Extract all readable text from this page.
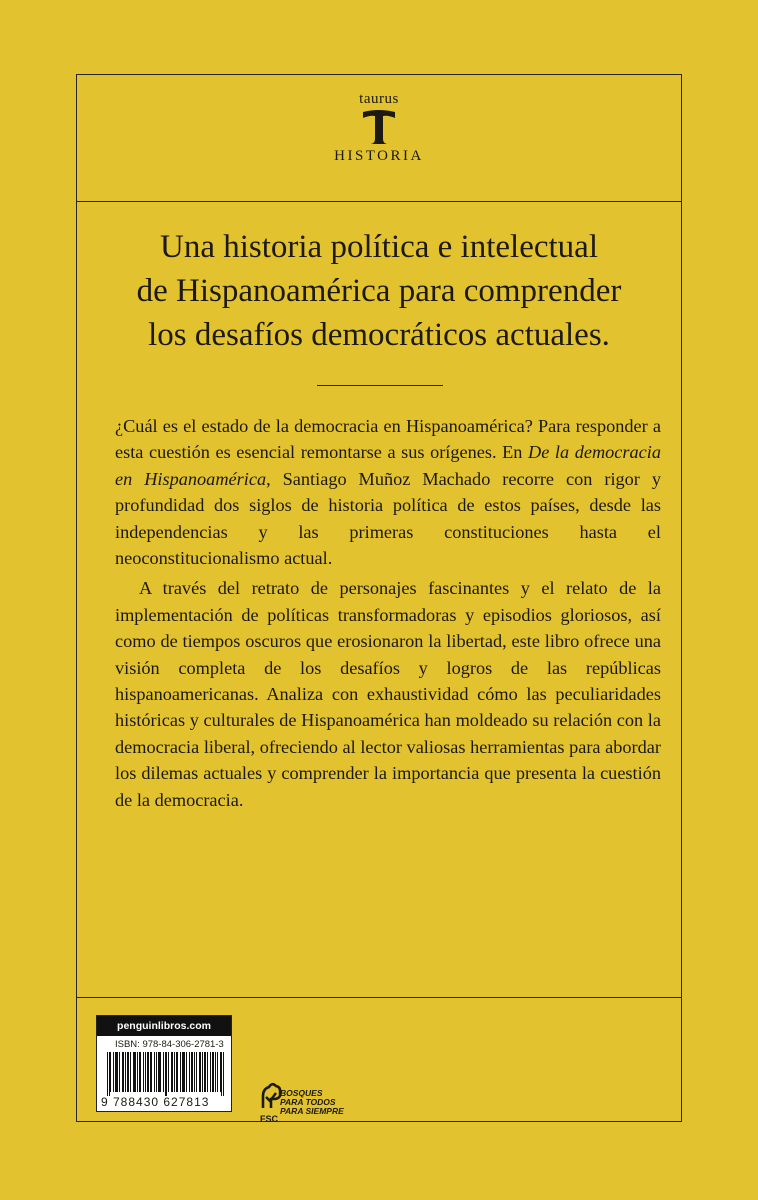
taurus
HISTORIA
Una historia política e intelectual
de Hispanoamérica para comprender
los desafíos democráticos actuales.

¿Cuál es el estado de la democracia en Hispanoamérica? Para responder a esta cuestión es esencial remontarse a sus orígenes. En De la democracia en Hispanoamérica, Santiago Muñoz Machado recorre con rigor y profundidad dos siglos de historia política de estos países, desde las independencias y las primeras constituciones hasta el neoconstitucionalismo actual.

A través del retrato de personajes fascinantes y el relato de la implementación de políticas transformadoras y episodios gloriosos, así como de tiempos oscuros que erosionaron la libertad, este libro ofrece una visión completa de los desafíos y logros de las repúblicas hispanoamericanas. Analiza con exhaustividad cómo las peculiaridades históricas y culturales de Hispanoamérica han moldeado su relación con la democracia liberal, ofreciendo al lector valiosas herramientas para abordar los dilemas actuales y comprender la importancia que presenta la cuestión de la democracia.

penguinlibros.com
ISBN: 978-84-306-2781-3
9 788430 627813
FSC
BOSQUES
PARA TODOS
PARA SIEMPRE
